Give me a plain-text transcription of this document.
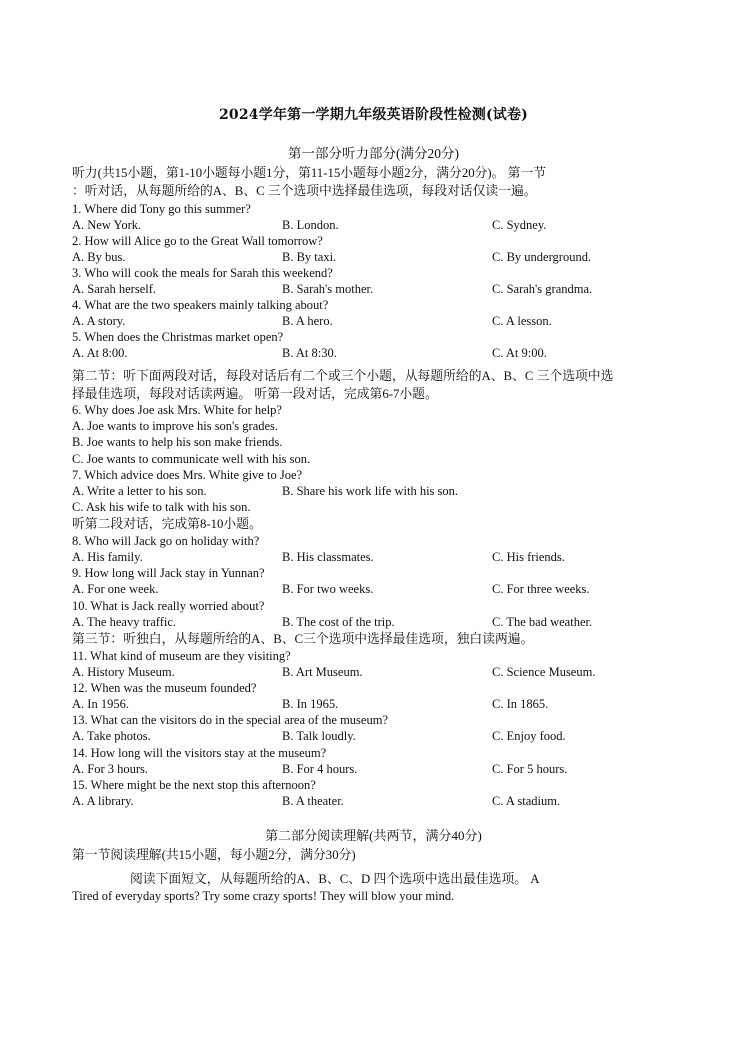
2024学年第一学期九年级英语阶段性检测(试卷)
第一部分听力部分(满分20分)
听力(共15小题，第1-10小题每小题1分，第11-15小题每小题2分，满分20分)。 第一节
：听对话，从每题所给的A、B、C 三个选项中选择最佳选项，每段对话仅读一遍。
1. Where did Tony go this summer?
A. New York.	B. London.	C. Sydney.
2. How will Alice go to the Great Wall tomorrow?
A. By bus.	B. By taxi.	C. By underground.
3. Who will cook the meals for Sarah this weekend?
A. Sarah herself.	B. Sarah's mother.	C. Sarah's grandma.
4. What are the two speakers mainly talking about?
A. A story.	B. A hero.	C. A lesson.
5. When does the Christmas market open?
A. At 8:00.	B. At 8:30.	C. At 9:00.
第二节：听下面两段对话，每段对话后有二个或三个小题，从每题所给的A、B、C 三个选项中选
择最佳选项，每段对话读两遍。 听第一段对话，完成第6-7小题。
6. Why does Joe ask Mrs. White for help?
A. Joe wants to improve his son's grades.
B. Joe wants to help his son make friends.
C. Joe wants to communicate well with his son.
7. Which advice does Mrs. White give to Joe?
A. Write a letter to his son.	B. Share his work life with his son.
C. Ask his wife to talk with his son.
听第二段对话，完成第8-10小题。
8. Who will Jack go on holiday with?
A. His family.	B. His classmates.	C. His friends.
9. How long will Jack stay in Yunnan?
A. For one week.	B. For two weeks.	C. For three weeks.
10. What is Jack really worried about?
A. The heavy traffic.	B. The cost of the trip.	C. The bad weather.
第三节：听独白，从每题所给的A、B、C三个选项中选择最佳选项，独白读两遍。
11. What kind of museum are they visiting?
A. History Museum.	B. Art Museum.	C. Science Museum.
12. When was the museum founded?
A. In 1956.	B. In 1965.	C. In 1865.
13. What can the visitors do in the special area of the museum?
A. Take photos.	B. Talk loudly.	C. Enjoy food.
14. How long will the visitors stay at the museum?
A. For 3 hours.	B. For 4 hours.	C. For 5 hours.
15. Where might be the next stop this afternoon?
A. A library.	B. A theater.	C. A stadium.
第二部分阅读理解(共两节，满分40分)
第一节阅读理解(共15小题，每小题2分，满分30分)
阅读下面短文，从每题所给的A、B、C、D 四个选项中选出最佳选项。 A
Tired of everyday sports? Try some crazy sports! They will blow your mind.
